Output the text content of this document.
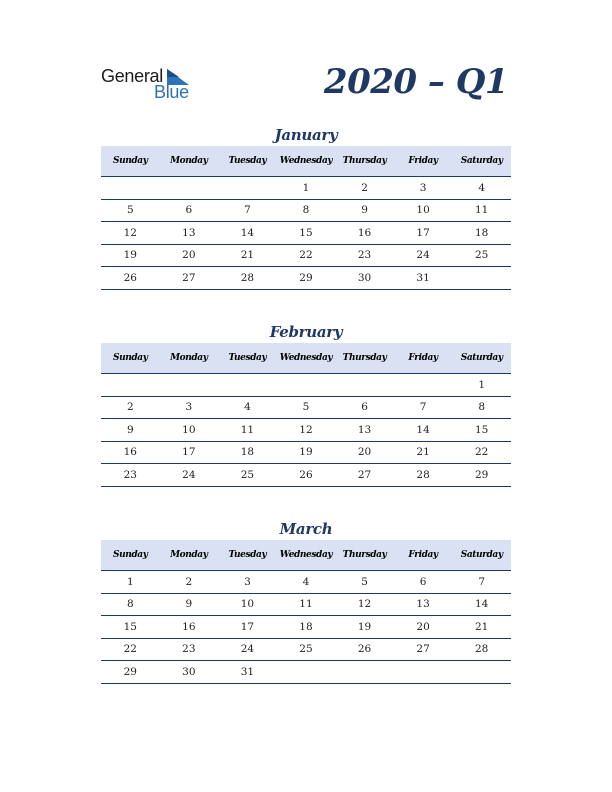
General
Blue	2020 – Q1
January
Sunday	Monday	Tuesday	Wednesday	Thursday	Friday	Saturday
			1	2	3	4
5	6	7	8	9	10	11
12	13	14	15	16	17	18
19	20	21	22	23	24	25
26	27	28	29	30	31	
February
Sunday	Monday	Tuesday	Wednesday	Thursday	Friday	Saturday
						1
2	3	4	5	6	7	8
9	10	11	12	13	14	15
16	17	18	19	20	21	22
23	24	25	26	27	28	29
March
Sunday	Monday	Tuesday	Wednesday	Thursday	Friday	Saturday
1	2	3	4	5	6	7
8	9	10	11	12	13	14
15	16	17	18	19	20	21
22	23	24	25	26	27	28
29	30	31				
